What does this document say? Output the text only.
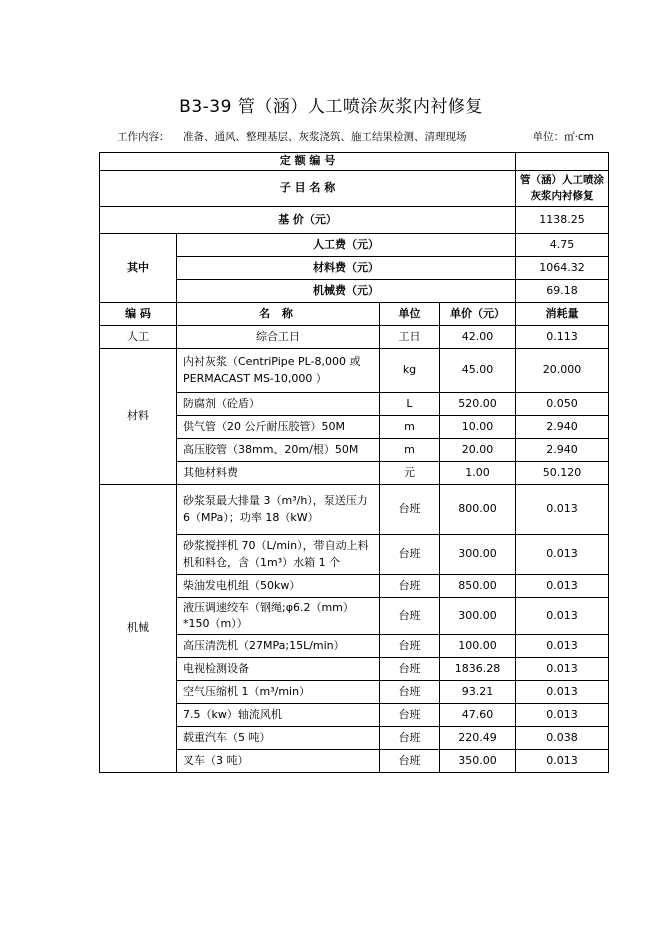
B3-39 管（涵）人工喷涂灰浆内衬修复
工作内容： 准备、通风、整理基层、灰浆浇筑、施工结果检测、清理现场	单位：㎡·cm
定 额 编 号				
子 目 名 称				管（涵）人工喷涂灰浆内衬修复
基 价（元）				1138.25
其中	人工费（元）			4.75
	材料费（元）			1064.32
	机械费（元）			69.18
编 码	名 称	单位	单价（元）	消耗量
人工	综合工日	工日	42.00	0.113
材料	内衬灰浆（CentriPipe PL-8,000 或 PERMACAST MS-10,000 ）	kg	45.00	20.000
	防腐剂（砼盾）	L	520.00	0.050
	供气管（20 公斤耐压胶管）50M	m	10.00	2.940
	高压胶管（38mm、20m/根）50M	m	20.00	2.940
	其他材料费	元	1.00	50.120
机械	砂浆泵最大排量 3（m³/h），泵送压力 6（MPa）；功率 18（kW）	台班	800.00	0.013
	砂浆搅拌机 70（L/min），带自动上料机和料仓，含（1m³）水箱 1 个	台班	300.00	0.013
	柴油发电机组（50kw）	台班	850.00	0.013
	液压调速绞车（钢绳;φ6.2（mm）*150（m））	台班	300.00	0.013
	高压清洗机（27MPa;15L/min）	台班	100.00	0.013
	电视检测设备	台班	1836.28	0.013
	空气压缩机 1（m³/min）	台班	93.21	0.013
	7.5（kw）轴流风机	台班	47.60	0.013
	载重汽车（5 吨）	台班	220.49	0.038
	叉车（3 吨）	台班	350.00	0.013
